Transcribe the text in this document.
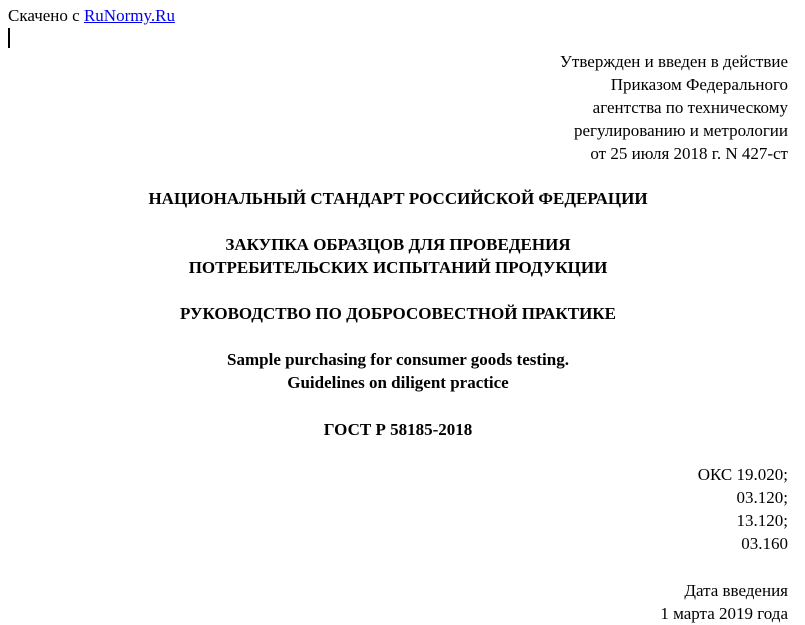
Скачено с RuNormy.Ru
Утвержден и введен в действие
Приказом Федерального
агентства по техническому
регулированию и метрологии
от 25 июля 2018 г. N 427-ст
НАЦИОНАЛЬНЫЙ СТАНДАРТ РОССИЙСКОЙ ФЕДЕРАЦИИ
ЗАКУПКА ОБРАЗЦОВ ДЛЯ ПРОВЕДЕНИЯ
ПОТРЕБИТЕЛЬСКИХ ИСПЫТАНИЙ ПРОДУКЦИИ
РУКОВОДСТВО ПО ДОБРОСОВЕСТНОЙ ПРАКТИКЕ
Sample purchasing for consumer goods testing.
Guidelines on diligent practice
ГОСТ Р 58185-2018
ОКС 19.020;
03.120;
13.120;
03.160
Дата введения
1 марта 2019 года
